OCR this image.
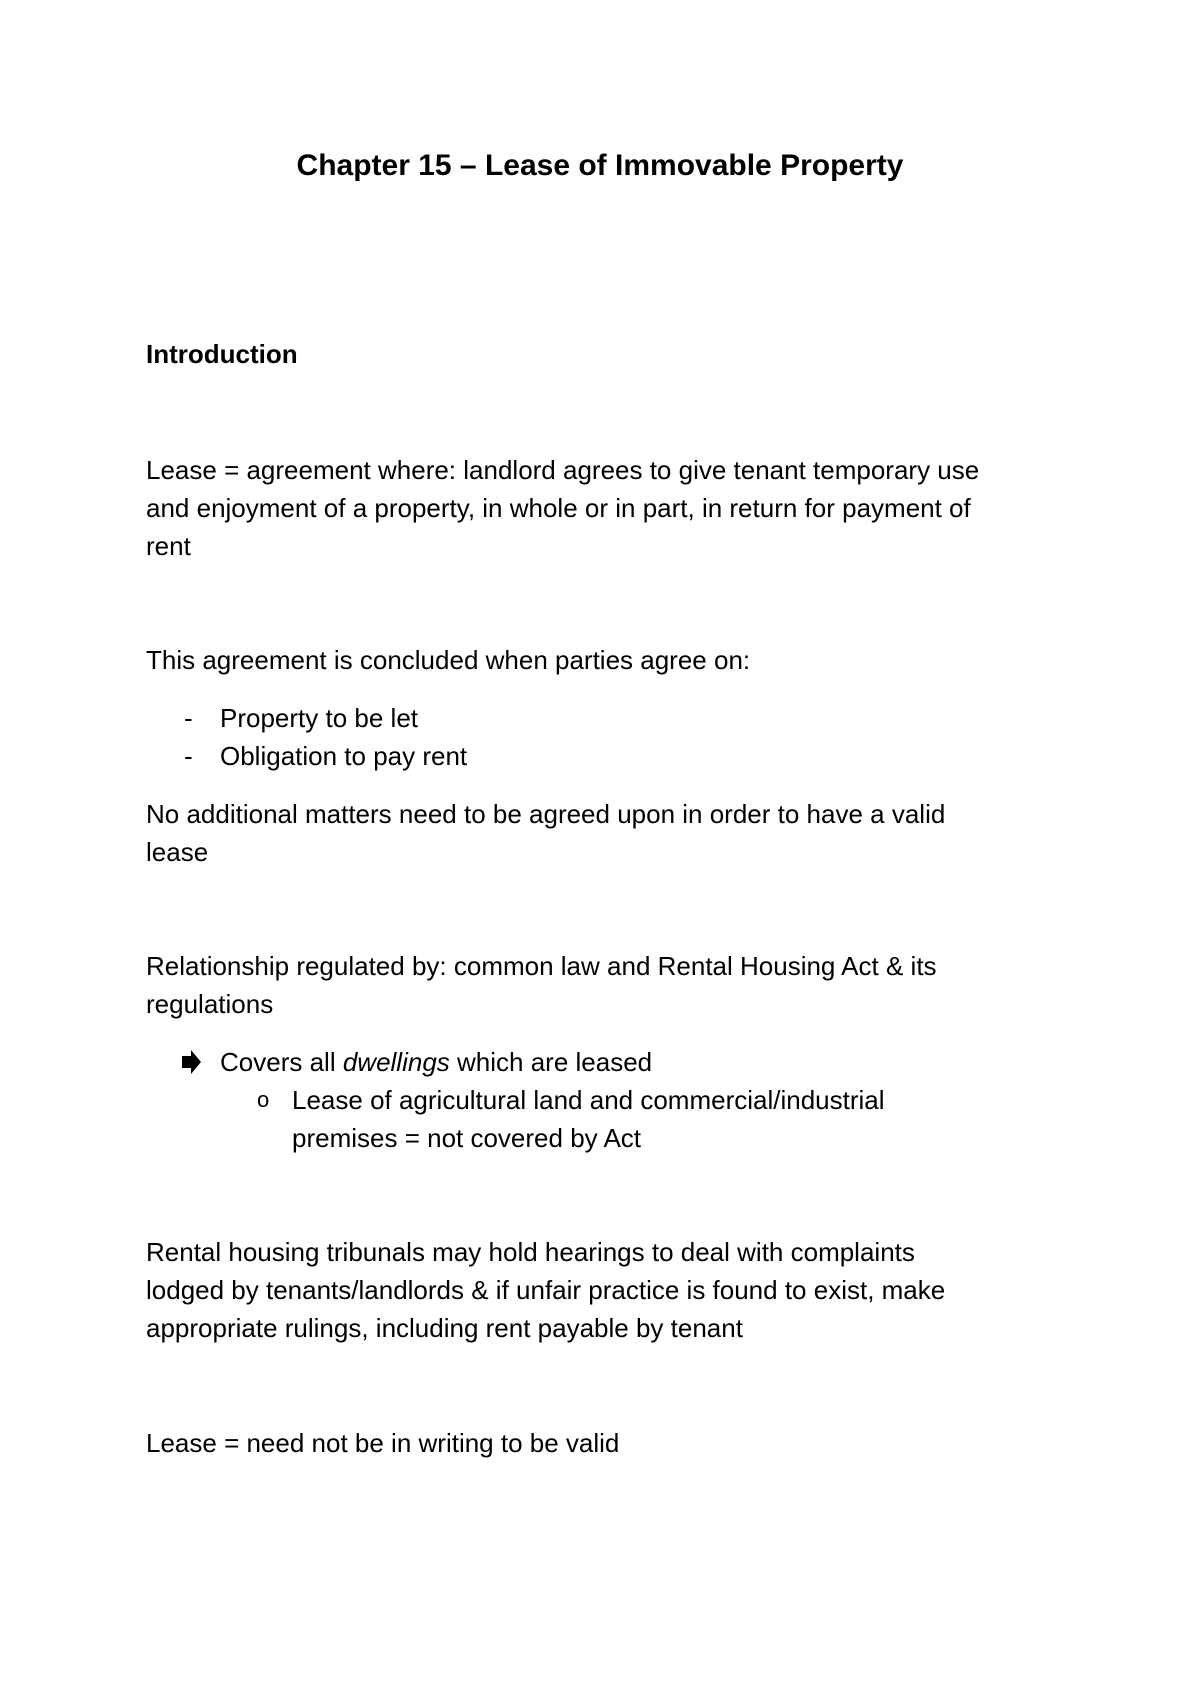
Chapter 15 – Lease of Immovable Property
Introduction
Lease = agreement where: landlord agrees to give tenant temporary use
and enjoyment of a property, in whole or in part, in return for payment of
rent
This agreement is concluded when parties agree on:
- Property to be let
- Obligation to pay rent
No additional matters need to be agreed upon in order to have a valid
lease
Relationship regulated by: common law and Rental Housing Act & its
regulations
Covers all dwellings which are leased
o Lease of agricultural land and commercial/industrial
premises = not covered by Act
Rental housing tribunals may hold hearings to deal with complaints
lodged by tenants/landlords & if unfair practice is found to exist, make
appropriate rulings, including rent payable by tenant
Lease = need not be in writing to be valid
